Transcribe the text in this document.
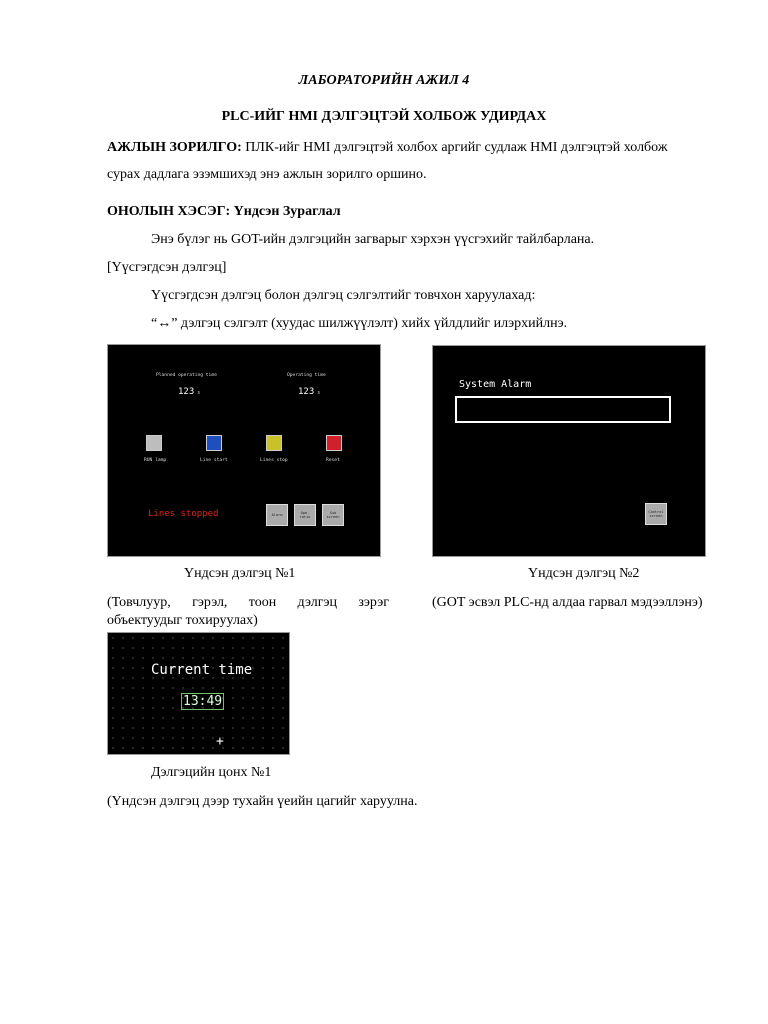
ЛАБОРАТОРИЙН АЖИЛ 4
PLC-ИЙГ HMI ДЭЛГЭЦТЭЙ ХОЛБОЖ УДИРДАХ
АЖЛЫН ЗОРИЛГО: ПЛК-ийг HMI дэлгэцтэй холбох аргийг судлаж HMI дэлгэцтэй холбож
сурах дадлага эзэмшихэд энэ ажлын зорилго оршино.
ОНОЛЫН ХЭСЭГ: Үндсэн Зураглал
Энэ бүлэг нь GOT-ийн дэлгэцийн загварыг хэрхэн үүсгэхийг тайлбарлана.
[Үүсгэгдсэн дэлгэц]
Үүсгэгдсэн дэлгэц болон дэлгэц сэлгэлтийг товчхон харуулахад:
“↔” дэлгэц сэлгэлт (хуудас шилжүүлэлт) хийх үйлдлийг илэрхийлнэ.
Planned operating time
123 s
Operating time
123 s
RUN lamp	Line start	Lines stop	Reset
Lines stopped	Alarm	Ope. ratio
Sub screen
System Alarm
Control screen
Үндсэн дэлгэц №1	Үндсэн дэлгэц №2
(Товчлуур, гэрэл, тоон дэлгэц зэрэг
объектуудыг тохируулах)
(GOT эсвэл PLC-нд алдаа гарвал мэдээллэнэ)
Current time
13:49
+
Дэлгэцийн цонх №1
(Үндсэн дэлгэц дээр тухайн үеийн цагийг харуулна.
